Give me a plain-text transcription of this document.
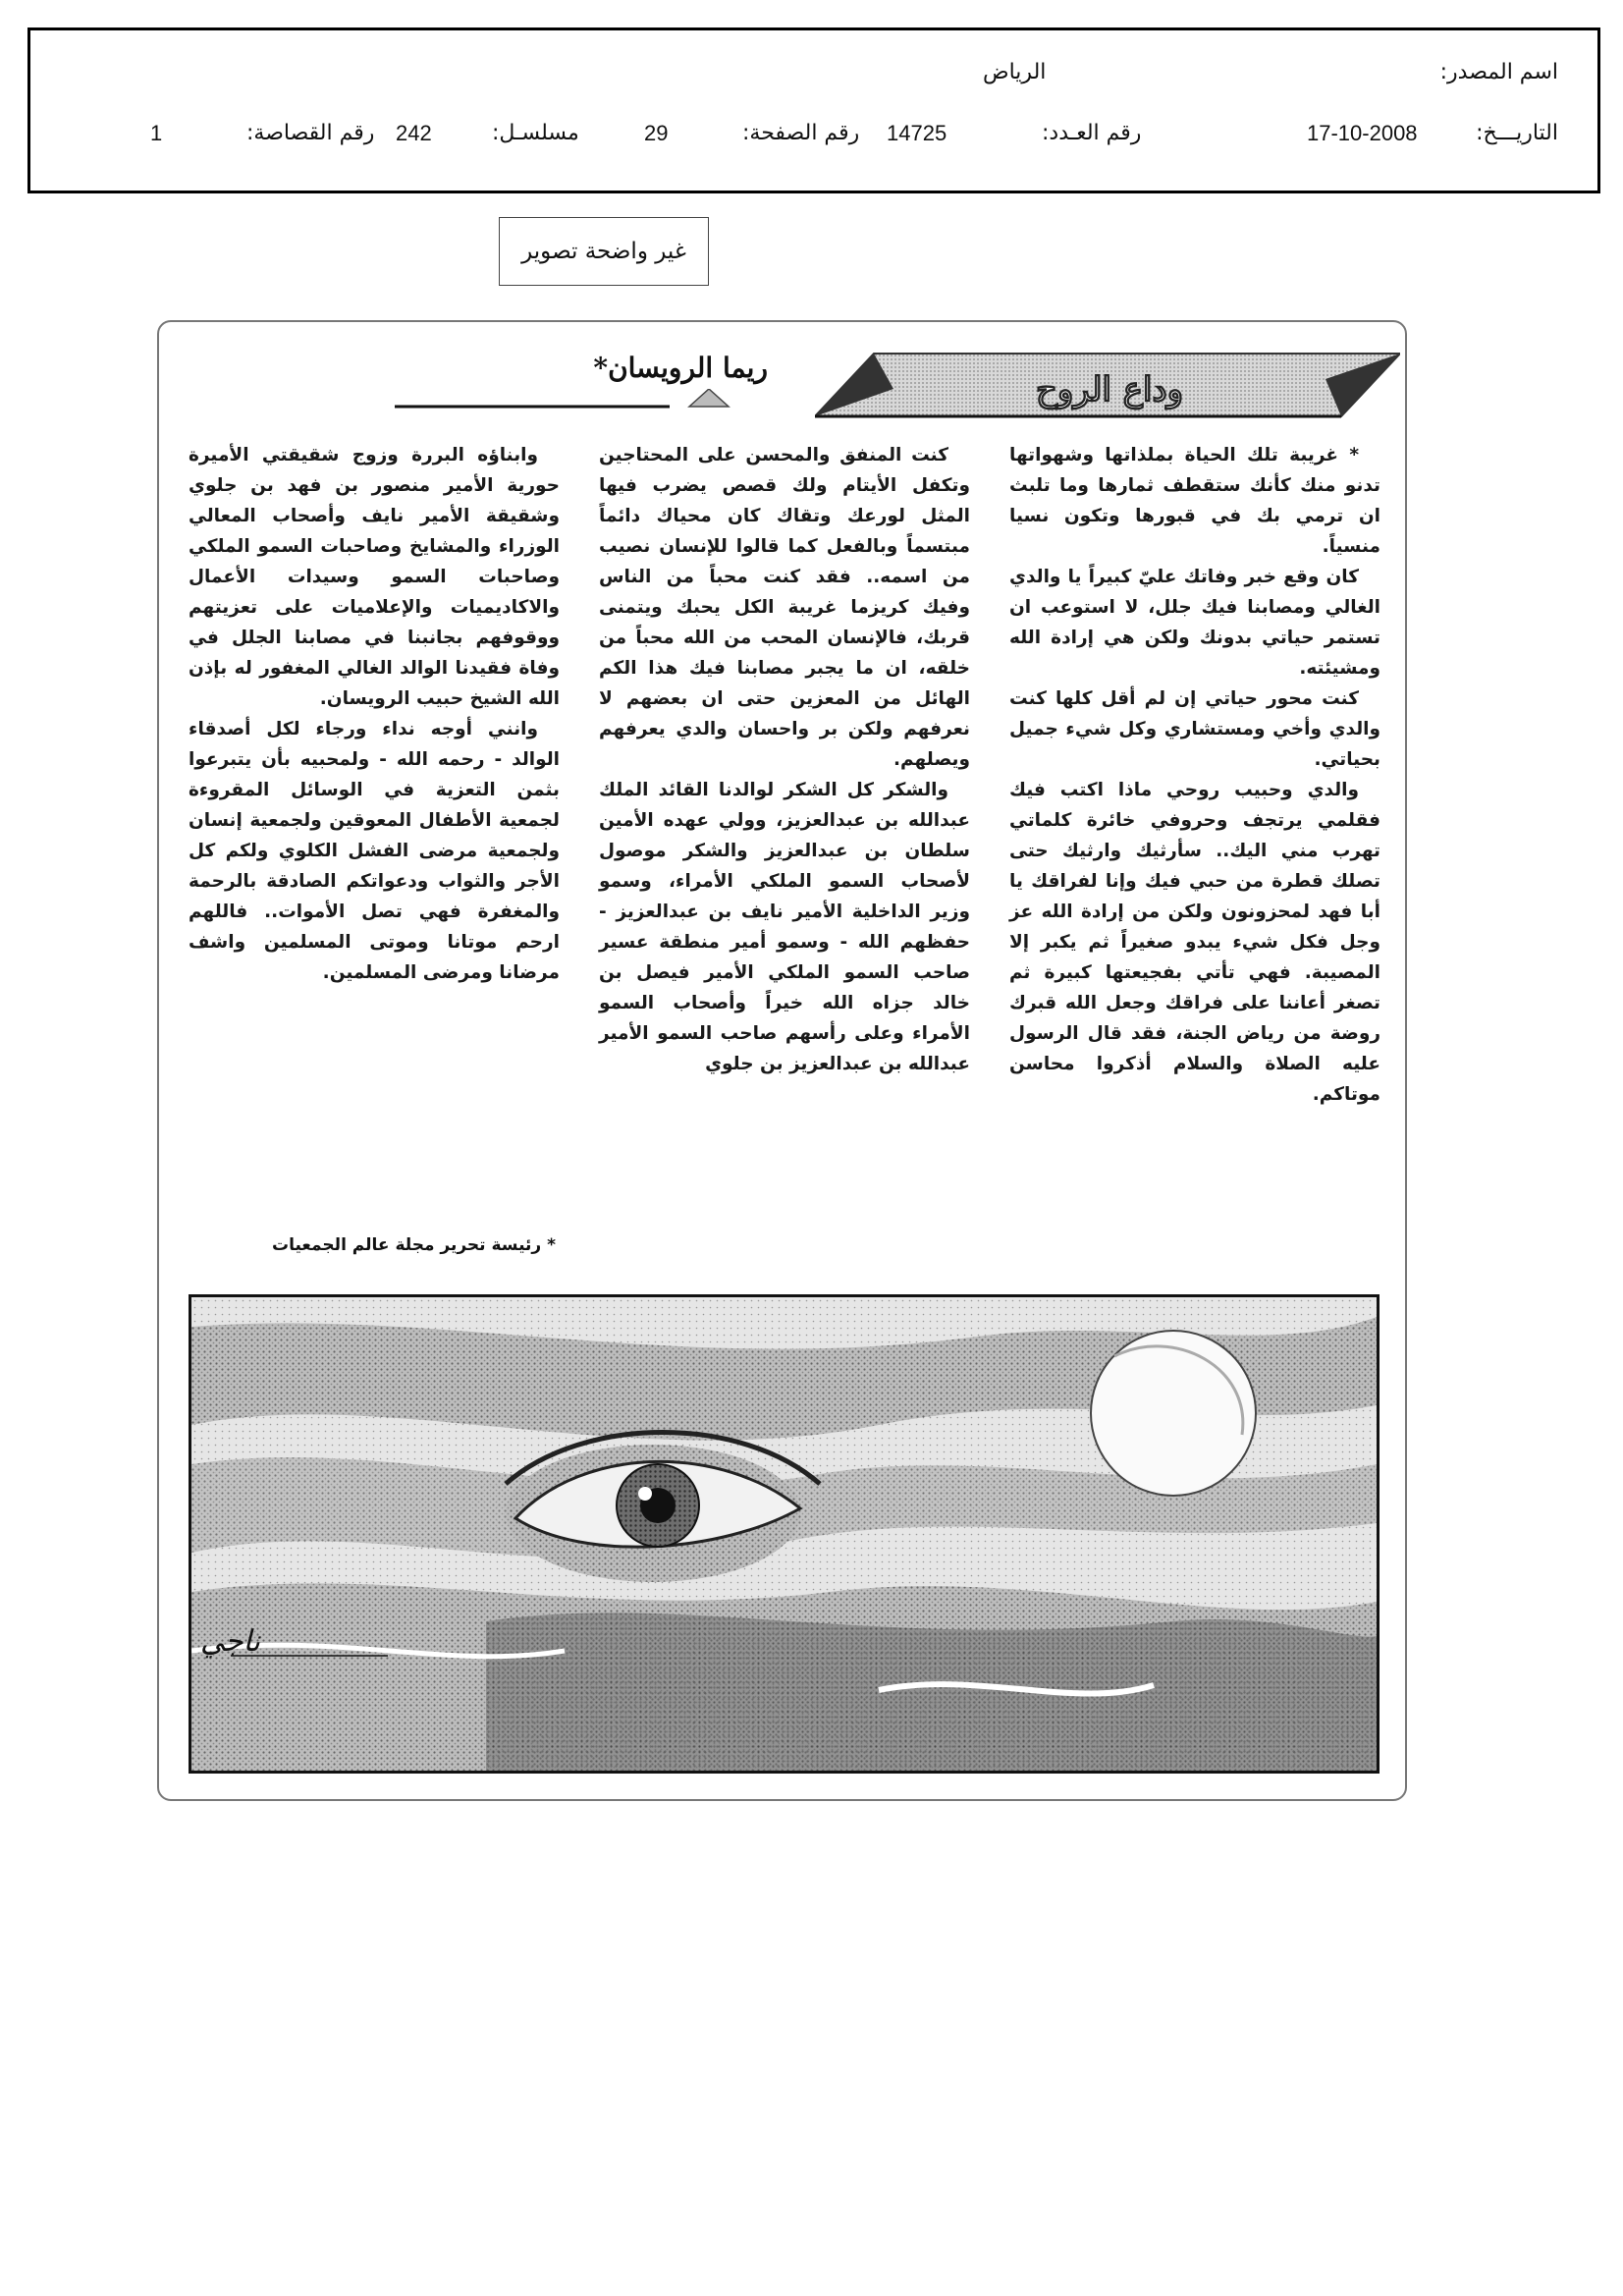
اسم المصدر:
الرياض
التاريـــخ:
17-10-2008
رقم العـدد:
14725
رقم الصفحة:
29
مسلسـل:
242
رقم القصاصة:
1
غير واضحة تصوير
وداع الروح
ريما الرويسان*

* غريبة تلك الحياة بملذاتها وشهواتها تدنو منك كأنك ستقطف ثمارها وما تلبث ان ترمي بك في قبورها وتكون نسيا منسياً.

كان وقع خبر وفاتك عليّ كبيراً يا والدي الغالي ومصابنا فيك جلل، لا استوعب ان تستمر حياتي بدونك ولكن هي إرادة الله ومشيئته.

كنت محور حياتي إن لم أقل كلها كنت والدي وأخي ومستشاري وكل شيء جميل بحياتي.

والدي وحبيب روحي ماذا اكتب فيك فقلمي يرتجف وحروفي خائرة كلماتي تهرب مني اليك.. سأرثيك وارثيك حتى تصلك قطرة من حبي فيك وإنا لفراقك يا أبا فهد لمحزونون ولكن من إرادة الله عز وجل فكل شيء يبدو صغيراً ثم يكبر إلا المصيبة. فهي تأتي بفجيعتها كبيرة ثم تصغر أعاننا على فراقك وجعل الله قبرك روضة من رياض الجنة، فقد قال الرسول عليه الصلاة والسلام أذكروا محاسن موتاكم.

كنت المنفق والمحسن على المحتاجين وتكفل الأيتام ولك قصص يضرب فيها المثل لورعك وتقاك كان محياك دائماً مبتسماً وبالفعل كما قالوا للإنسان نصيب من اسمه.. فقد كنت محباً من الناس وفيك كريزما غريبة الكل يحبك ويتمنى قربك، فالإنسان المحب من الله محباً من خلقه، ان ما يجبر مصابنا فيك هذا الكم الهائل من المعزين حتى ان بعضهم لا نعرفهم ولكن بر واحسان والدي يعرفهم ويصلهم.

والشكر كل الشكر لوالدنا القائد الملك عبدالله بن عبدالعزيز، وولي عهده الأمين سلطان بن عبدالعزيز والشكر موصول لأصحاب السمو الملكي الأمراء، وسمو وزير الداخلية الأمير نايف بن عبدالعزيز - حفظهم الله - وسمو أمير منطقة عسير صاحب السمو الملكي الأمير فيصل بن خالد جزاه الله خيراً وأصحاب السمو الأمراء وعلى رأسهم صاحب السمو الأمير عبدالله بن عبدالعزيز بن جلوي

وابناؤه البررة وزوج شقيقتي الأميرة حورية الأمير منصور بن فهد بن جلوي وشقيقة الأمير نايف وأصحاب المعالي الوزراء والمشايخ وصاحبات السمو الملكي وصاحبات السمو وسيدات الأعمال والاكاديميات والإعلاميات على تعزيتهم ووقوفهم بجانبنا في مصابنا الجلل في وفاة فقيدنا الوالد الغالي المغفور له بإذن الله الشيخ حبيب الرويسان.

وانني أوجه نداء ورجاء لكل أصدقاء الوالد - رحمه الله - ولمحبيه بأن يتبرعوا بثمن التعزية في الوسائل المقروءة لجمعية الأطفال المعوقين ولجمعية إنسان ولجمعية مرضى الفشل الكلوي ولكم كل الأجر والثواب ودعواتكم الصادقة بالرحمة والمغفرة فهي تصل الأموات.. فاللهم ارحم موتانا وموتى المسلمين واشف مرضانا ومرضى المسلمين.

* رئيسة تحرير مجلة عالم الجمعيات
ناجي
